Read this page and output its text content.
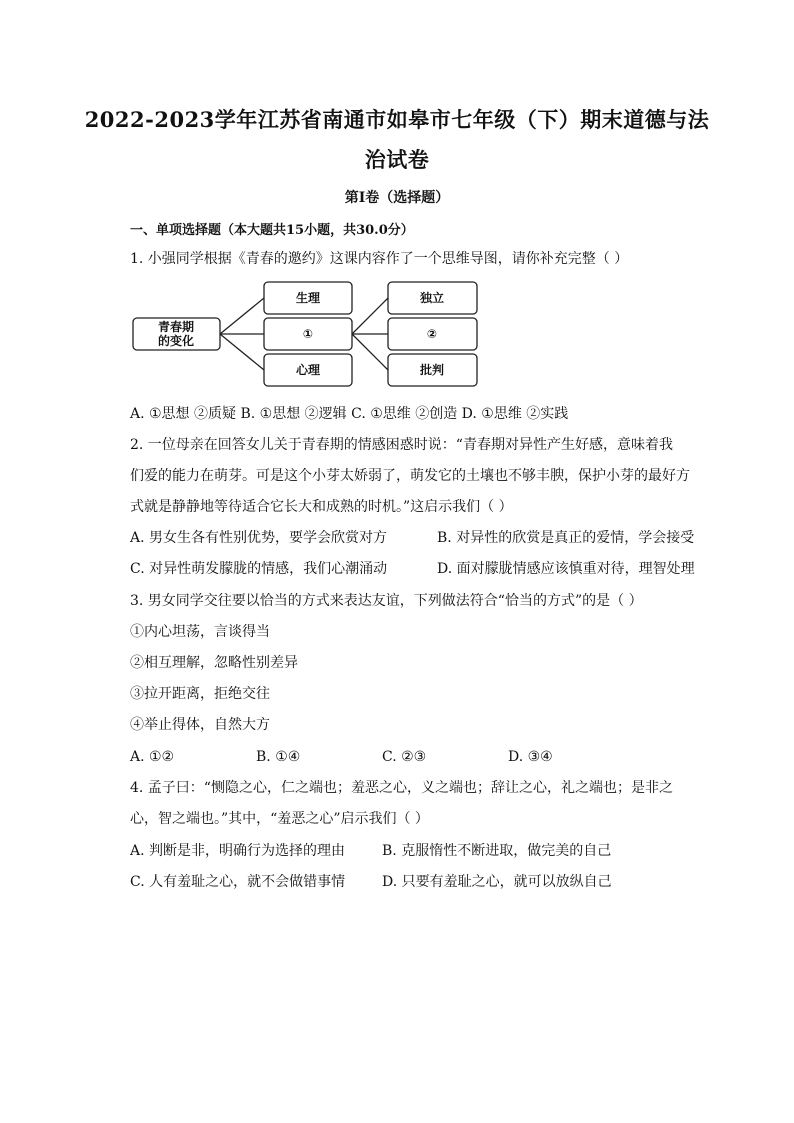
2022-2023学年江苏省南通市如皋市七年级（下）期末道德与法
治试卷
第I卷（选择题）
一、单项选择题（本大题共15小题，共30.0分）
1. 小强同学根据《青春的邀约》这课内容作了一个思维导图，请你补充完整（ ）
青春期
的变化
生理
①
心理
独立
②
批判
A. ①思想 ②质疑 B. ①思想 ②逻辑 C. ①思维 ②创造 D. ①思维 ②实践
2. 一位母亲在回答女儿关于青春期的情感困惑时说：“青春期对异性产生好感，意味着我
们爱的能力在萌芽。可是这个小芽太娇弱了，萌发它的土壤也不够丰腴，保护小芽的最好方
式就是静静地等待适合它长大和成熟的时机。”这启示我们（ ）
A. 男女生各有性别优势，要学会欣赏对方	B. 对异性的欣赏是真正的爱情，学会接受
C. 对异性萌发朦胧的情感，我们心潮涌动	D. 面对朦胧情感应该慎重对待，理智处理
3. 男女同学交往要以恰当的方式来表达友谊，下列做法符合“恰当的方式”的是（ ）
①内心坦荡，言谈得当
②相互理解，忽略性别差异
③拉开距离，拒绝交往
④举止得体，自然大方
A. ①②	B. ①④	C. ②③	D. ③④
4. 孟子曰：“恻隐之心，仁之端也；羞恶之心，义之端也；辞让之心，礼之端也；是非之
心，智之端也。”其中，“羞恶之心”启示我们（ ）
A. 判断是非，明确行为选择的理由	B. 克服惰性不断进取，做完美的自己
C. 人有羞耻之心，就不会做错事情	D. 只要有羞耻之心，就可以放纵自己
